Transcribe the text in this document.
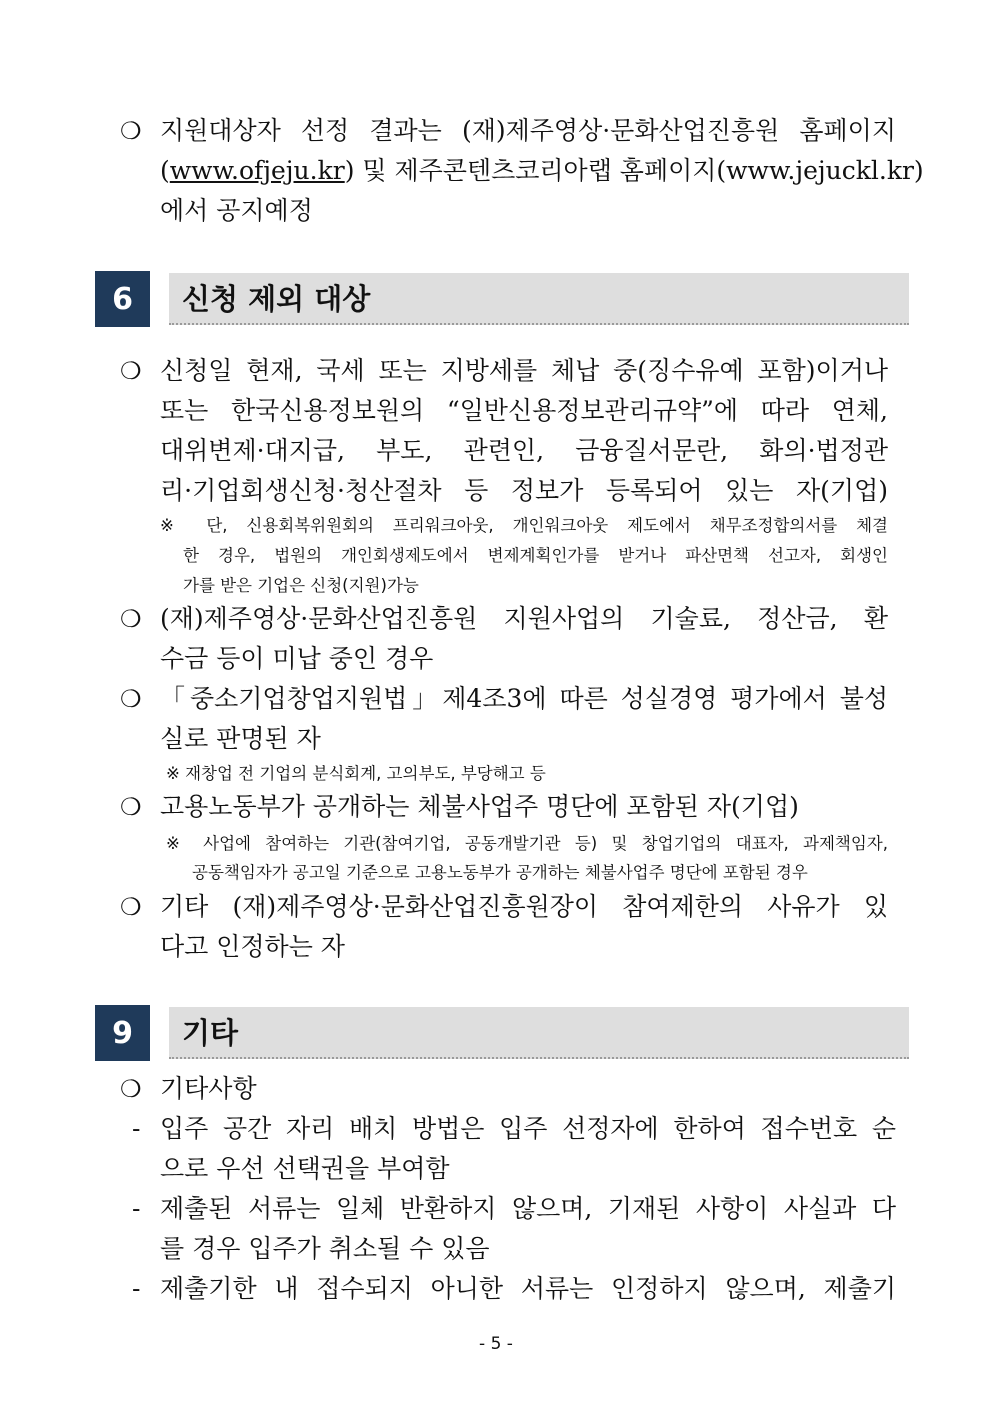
❍ 지원대상자 선정 결과는 (재)제주영상·문화산업진흥원 홈페이지
(www.ofjeju.kr) 및 제주콘텐츠코리아랩 홈페이지(www.jejuckl.kr)
에서 공지예정
6	신청 제외 대상
❍ 신청일 현재, 국세 또는 지방세를 체납 중(징수유예 포함)이거나
또는 한국신용정보원의 “일반신용정보관리규약”에 따라 연체,
대위변제·대지급, 부도, 관련인, 금융질서문란, 화의·법정관
리·기업회생신청·청산절차 등 정보가 등록되어 있는 자(기업)
※ 단, 신용회복위원회의 프리워크아웃, 개인워크아웃 제도에서 채무조정합의서를 체결
한 경우, 법원의 개인회생제도에서 변제계획인가를 받거나 파산면책 선고자, 회생인
가를 받은 기업은 신청(지원)가능
❍ (재)제주영상·문화산업진흥원 지원사업의 기술료, 정산금, 환
수금 등이 미납 중인 경우
❍ 「중소기업창업지원법」제4조3에 따른 성실경영 평가에서 불성
실로 판명된 자
※ 재창업 전 기업의 분식회계, 고의부도, 부당해고 등
❍ 고용노동부가 공개하는 체불사업주 명단에 포함된 자(기업)
※ 사업에 참여하는 기관(참여기업, 공동개발기관 등) 및 창업기업의 대표자, 과제책임자,
공동책임자가 공고일 기준으로 고용노동부가 공개하는 체불사업주 명단에 포함된 경우
❍ 기타 (재)제주영상·문화산업진흥원장이 참여제한의 사유가 있
다고 인정하는 자
9	기타
❍ 기타사항
- 입주 공간 자리 배치 방법은 입주 선정자에 한하여 접수번호 순
으로 우선 선택권을 부여함
- 제출된 서류는 일체 반환하지 않으며, 기재된 사항이 사실과 다
를 경우 입주가 취소될 수 있음
- 제출기한 내 접수되지 아니한 서류는 인정하지 않으며, 제출기
- 5 -
